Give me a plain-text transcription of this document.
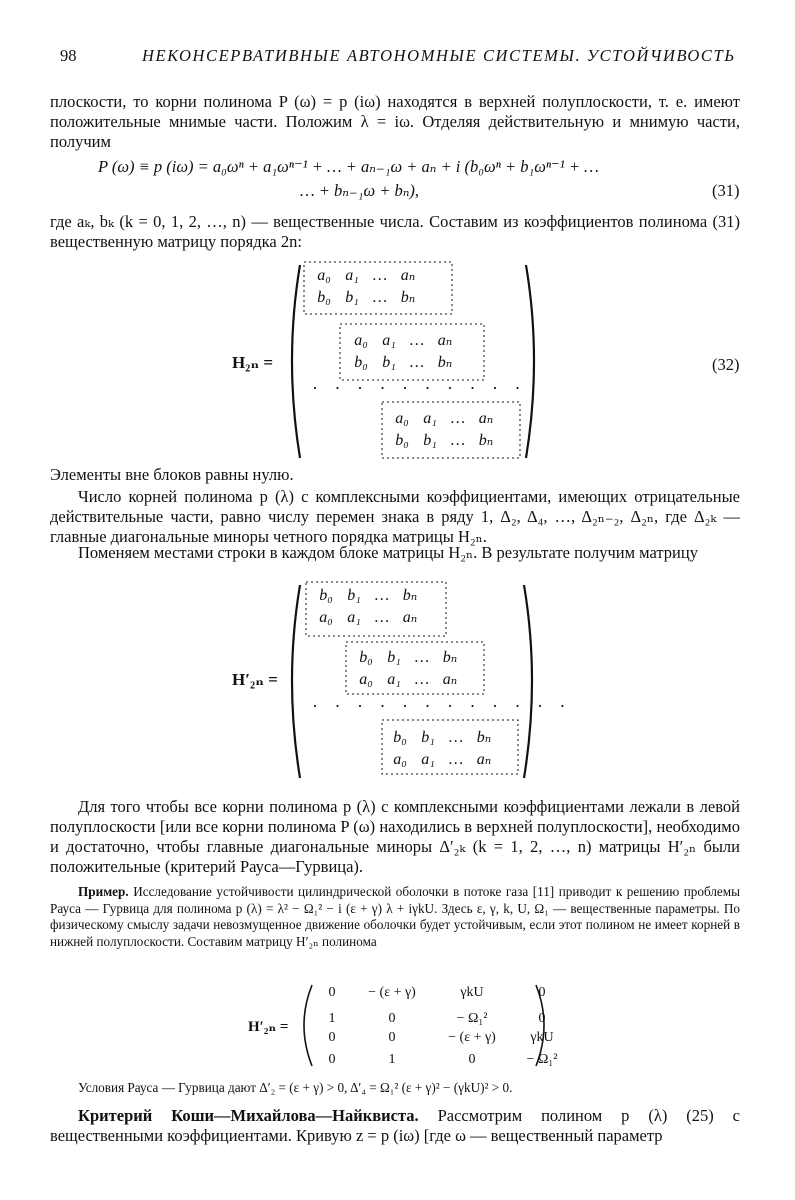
98	НЕКОНСЕРВАТИВНЫЕ АВТОНОМНЫЕ СИСТЕМЫ. УСТОЙЧИВОСТЬ
плоскости, то корни полинома P (ω) = p (iω) находятся в верхней полуплоскости, т. е. имеют положительные мнимые части. Положим λ = iω. Отделяя действительную и мнимую части, получим
P (ω) ≡ p (iω) = a₀ωⁿ + a₁ωⁿ⁻¹ + … + aₙ₋₁ω + aₙ + i (b₀ωⁿ + b₁ωⁿ⁻¹ + …
… + bₙ₋₁ω + bₙ),	(31)
где aₖ, bₖ (k = 0, 1, 2, …, n) — вещественные числа. Составим из коэффициентов полинома (31) вещественную матрицу порядка 2n:
H₂ₙ =
a₀ a₁ … aₙ
b₀ b₁ … bₙ
a₀ a₁ … aₙ
b₀ b₁ … bₙ
· · · · · · · · · ·
a₀ a₁ … aₙ
b₀ b₁ … bₙ
(32)
Элементы вне блоков равны нулю.
Число корней полинома p (λ) с комплексными коэффициентами, имеющих отрицательные действительные части, равно числу перемен знака в ряду 1, Δ₂, Δ₄, …, Δ₂ₙ₋₂, Δ₂ₙ, где Δ₂ₖ — главные диагональные миноры четного порядка матрицы H₂ₙ.
Поменяем местами строки в каждом блоке матрицы H₂ₙ. В результате получим матрицу
H′₂ₙ =
b₀ b₁ … bₙ
a₀ a₁ … aₙ
b₀ b₁ … bₙ
a₀ a₁ … aₙ
· · · · · · · · · · · ·
b₀ b₁ … bₙ
a₀ a₁ … aₙ
Для того чтобы все корни полинома p (λ) с комплексными коэффициентами лежали в левой полуплоскости [или все корни полинома P (ω) находились в верхней полуплоскости], необходимо и достаточно, чтобы главные диагональные миноры Δ′₂ₖ (k = 1, 2, …, n) матрицы H′₂ₙ были положительные (критерий Рауса—Гурвица).
Пример. Исследование устойчивости цилиндрической оболочки в потоке газа [11] приводит к решению проблемы Рауса — Гурвица для полинома p (λ) = λ² − Ω₁² − i (ε + γ) λ + iγkU. Здесь ε, γ, k, U, Ω₁ — вещественные параметры. По физическому смыслу задачи невозмущенное движение оболочки будет устойчивым, если этот полином не имеет корней в нижней полуплоскости. Составим матрицу H′₂ₙ полинома
H′₂ₙ =
0	− (ε + γ)	γkU	0
1	0	− Ω₁²	0
0	0	− (ε + γ)	γkU
0	1	0	− Ω₁²
Условия Рауса — Гурвица дают Δ′₂ = (ε + γ) > 0, Δ′₄ = Ω₁² (ε + γ)² − (γkU)² > 0.
Критерий Коши—Михайлова—Найквиста. Рассмотрим полином p (λ) (25) с вещественными коэффициентами. Кривую z = p (iω) [где ω — вещественный параметр
